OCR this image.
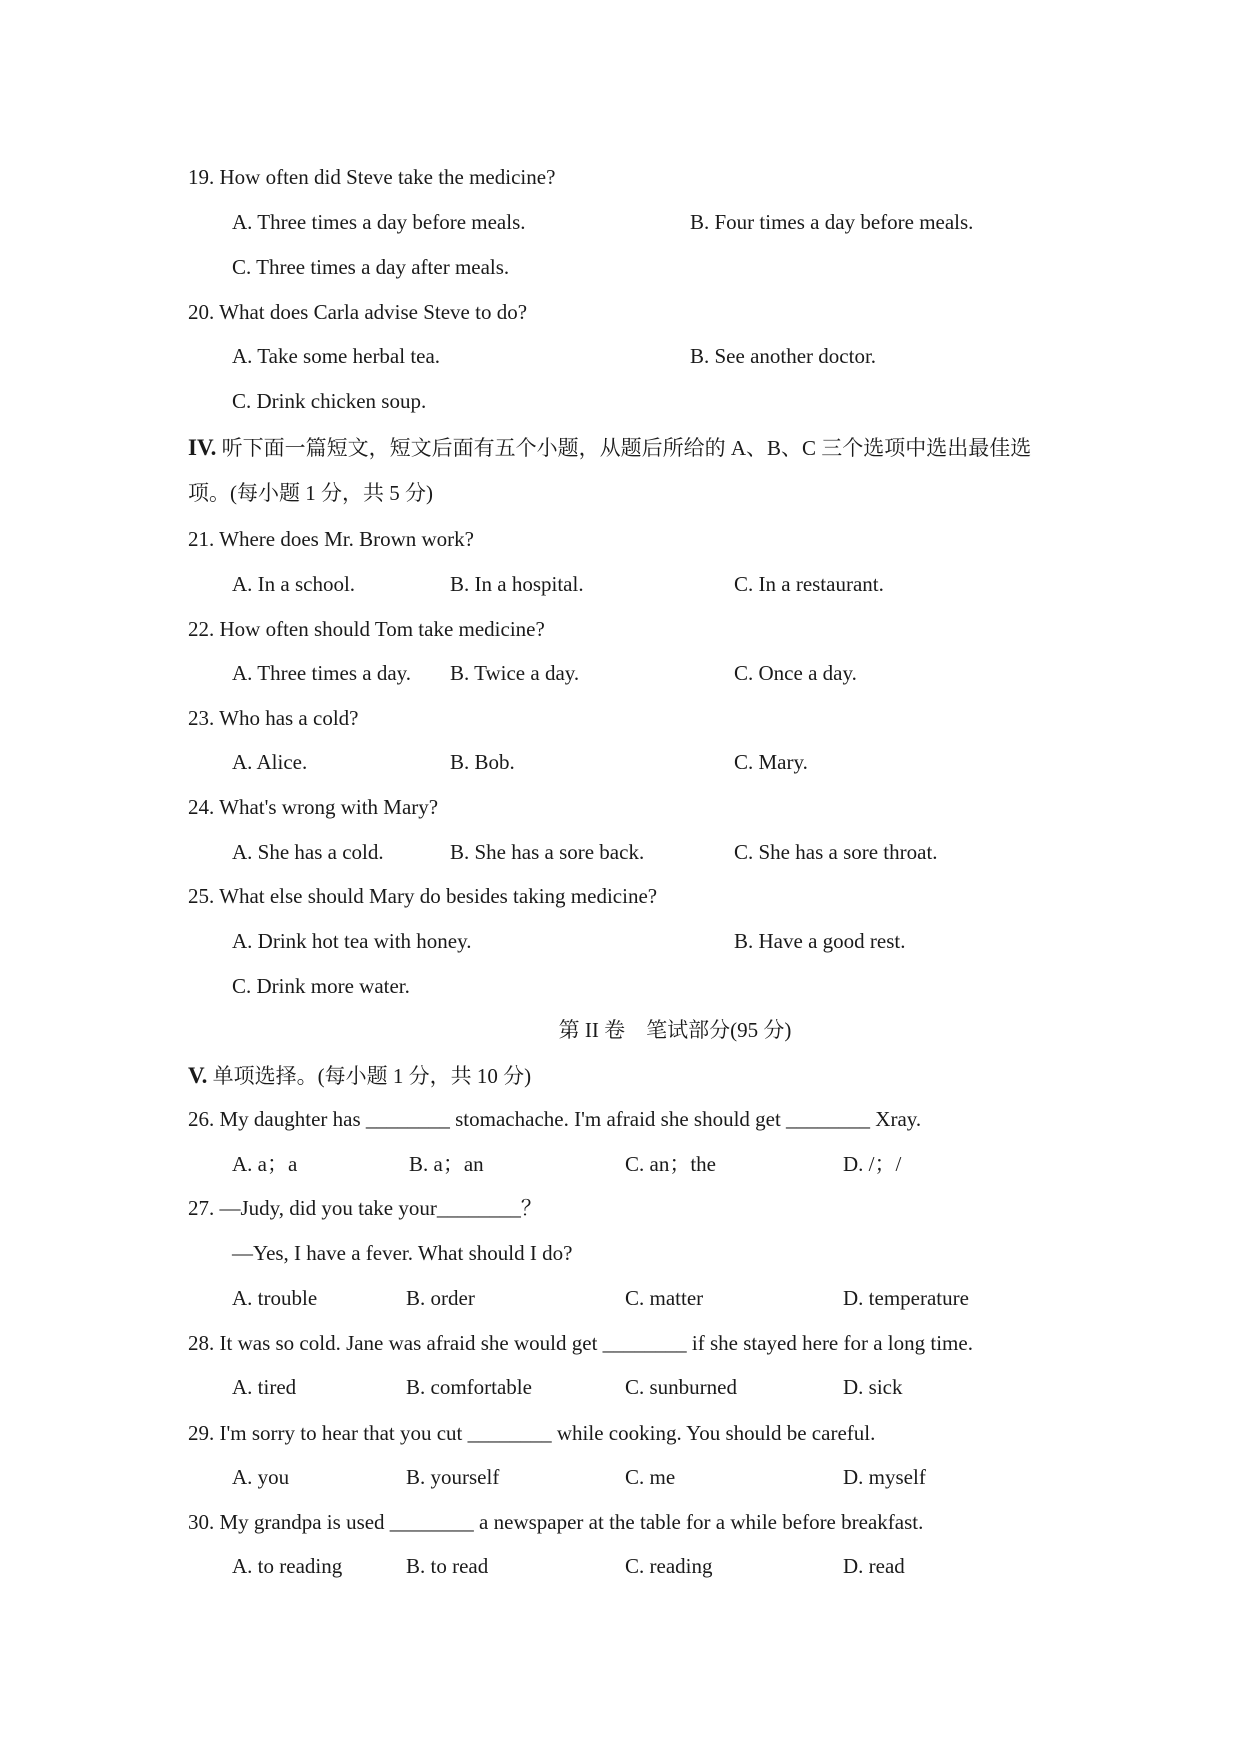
19. How often did Steve take the medicine?
A. Three times a day before meals.	B. Four times a day before meals.
C. Three times a day after meals.
20. What does Carla advise Steve to do?
A. Take some herbal tea.	B. See another doctor.
C. Drink chicken soup.
IV. 听下面一篇短文，短文后面有五个小题，从题后所给的 A、B、C 三个选项中选出最佳选
项。(每小题 1 分，共 5 分)
21. Where does Mr. Brown work?
A. In a school.	B. In a hospital.	C. In a restaurant.
22. How often should Tom take medicine?
A. Three times a day. B. Twice a day.	C. Once a day.
23. Who has a cold?
A. Alice.	B. Bob.	C. Mary.
24. What's wrong with Mary?
A. She has a cold.	B. She has a sore back.	C. She has a sore throat.
25. What else should Mary do besides taking medicine?
A. Drink hot tea with honey.	B. Have a good rest.
C. Drink more water.
第 II 卷　笔试部分(95 分)
V. 单项选择。(每小题 1 分，共 10 分)
26. My daughter has ________ stomachache. I'm afraid she should get ________ Xray.
A. a；a	B. a；an	C. an；the	D. /；/
27. —Judy, did you take your________？
—Yes, I have a fever. What should I do?
A. trouble	B. order	C. matter	D. temperature
28. It was so cold. Jane was afraid she would get ________ if she stayed here for a long time.
A. tired	B. comfortable	C. sunburned	D. sick
29. I'm sorry to hear that you cut ________ while cooking. You should be careful.
A. you	B. yourself	C. me	D. myself
30. My grandpa is used ________ a newspaper at the table for a while before breakfast.
A. to reading	B. to read	C. reading	D. read
